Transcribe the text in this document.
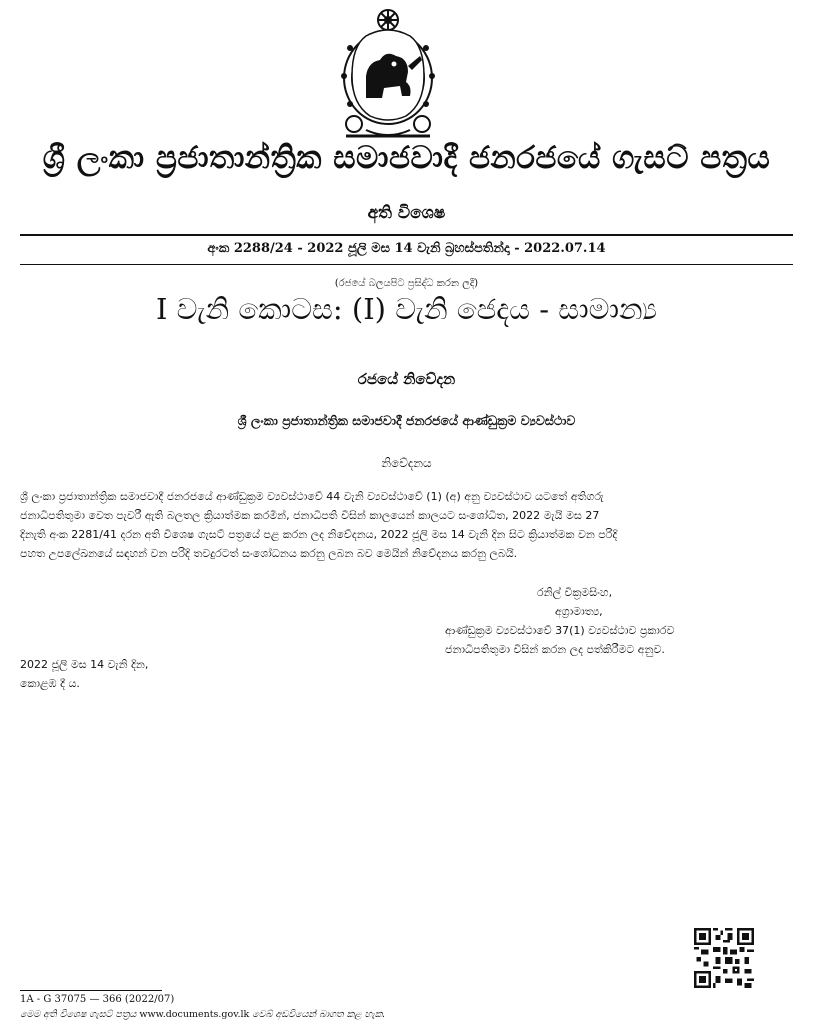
ශ්‍රී ලංකා ප්‍රජාතාන්ත්‍රික සමාජවාදී ජනරජයේ ගැසට් පත්‍රය
අති විශෙෂ
අංක 2288/24 - 2022 ජූලි මස 14 වැනි බ්‍රහස්පතින්දා - 2022.07.14
(රජයේ බලයපිට ප්‍රසිද්ධ කරන ලදී)
I වැනි කොටස: (I) වැනි ජෙදය - සාමාන්‍ය
රජයේ නිවේදන
ශ්‍රී ලංකා ප්‍රජාතාන්ත්‍රික සමාජවාදී ජනරජයේ ආණ්ඩුක්‍රම ව්‍යවස්ථාව
නිවේදනය
ශ්‍රී ලංකා ප්‍රජාතාන්ත්‍රික සමාජවාදී ජනරජයේ ආණ්ඩුක්‍රම ව්‍යවස්ථාවේ 44 වැනි ව්‍යවස්ථාවේ (1) (අ) අනු ව්‍යවස්ථාව යටතේ අතිගරු
ජනාධිපතිතුමා වෙත පැවරී ඇති බලතල ක්‍රියාත්මක කරමින්, ජනාධිපති විසින් කාලයෙන් කාලයට සංශෝධිත, 2022 මැයි මස 27
දිනැති අංක 2281/41 දරන අති විශෙෂ ගැසට් පත්‍රයේ පළ කරන ලද නිවේදනය, 2022 ජූලි මස 14 වැනි දින සිට ක්‍රියාත්මක වන පරිදි
පහත උපලේඛනයේ සඳහන් වන පරිදි තවදුරටත් සංශෝධනය කරනු ලබන බව මෙයින් නිවේදනය කරනු ලබයි.
රනිල් වික්‍රමසිංහ,
අග්‍රාමාත්‍ය,
ආණ්ඩුක්‍රම ව්‍යවස්ථාවේ 37(1) ව්‍යවස්ථාව ප්‍රකාරව
ජනාධිපතිතුමා විසින් කරන ලද පත්කිරීමට අනුව.
2022 ජූලි මස 14 වැනි දින,
කොළඹ දී ය.
1A - G 37075 — 366 (2022/07)
මෙම අති විශෙෂ ගැසට් පත්‍රය www.documents.gov.lk වෙබ් අඩවියෙන් බාගත කළ හැක.
